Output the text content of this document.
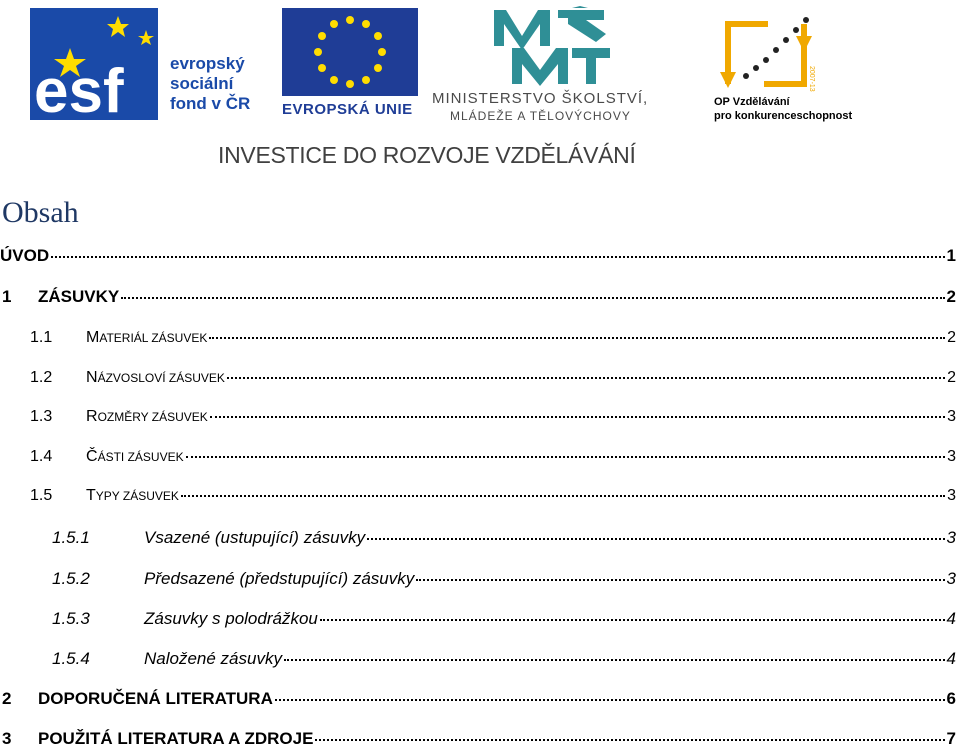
esf	evropský
sociální
fond v ČR EVROPSKÁ UNIE
MINISTERSTVO ŠKOLSTVÍ,
MLÁDEŽE A TĚLOVÝCHOVY
2007-13
OP Vzdělávání
pro konkurenceschopnost
INVESTICE DO ROZVOJE VZDĚLÁVÁNÍ
Obsah
ÚVOD	1
1	ZÁSUVKY	2
1.1	MATERIÁL ZÁSUVEK	2
1.2	NÁZVOSLOVÍ ZÁSUVEK	2
1.3	ROZMĚRY ZÁSUVEK	3
1.4	ČÁSTI ZÁSUVEK	3
1.5	TYPY ZÁSUVEK	3
1.5.1	Vsazené (ustupující) zásuvky	3
1.5.2	Předsazené (předstupující) zásuvky	3
1.5.3	Zásuvky s polodrážkou	4
1.5.4	Naložené zásuvky	4
2	DOPORUČENÁ LITERATURA	6
3	POUŽITÁ LITERATURA A ZDROJE	7
